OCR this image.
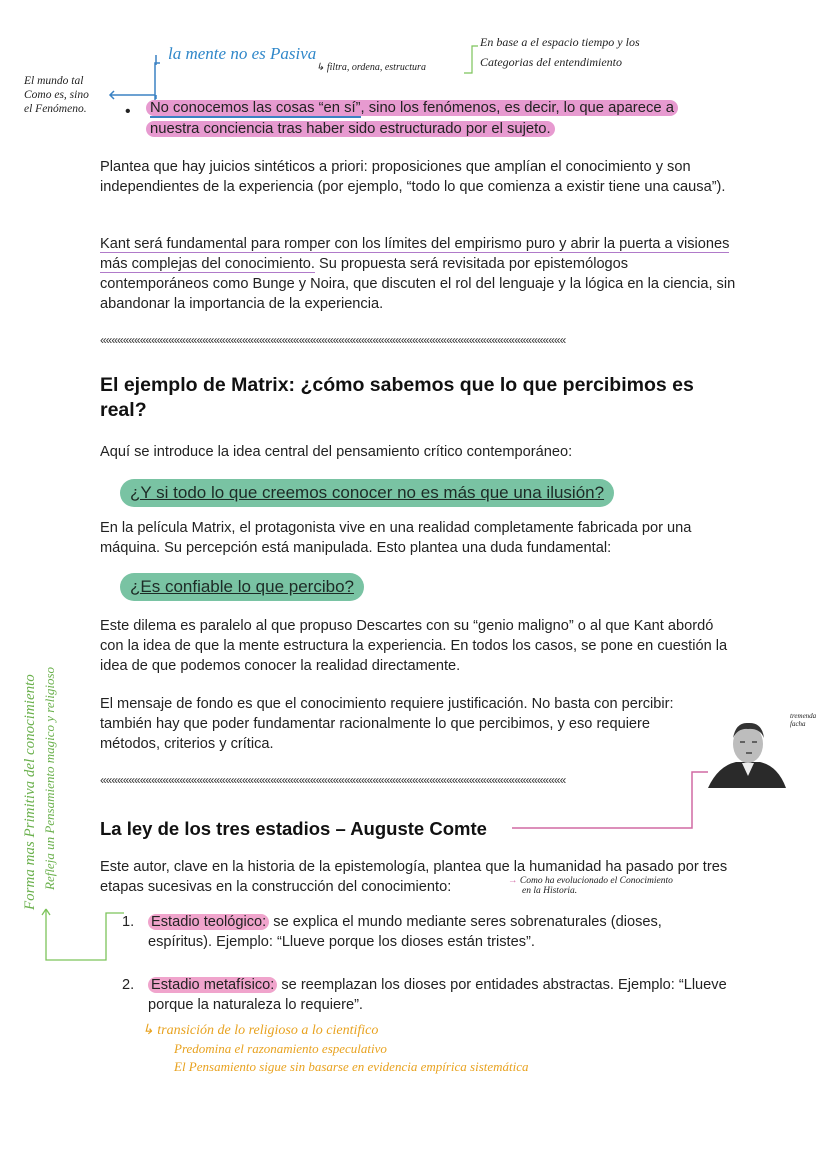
El mundo tal
Como es, sino
el Fenómeno.
la mente no es Pasiva
↳ filtra, ordena, estructura
En base a el espacio tiempo y los
Categorias del entendimiento
• No conocemos las cosas “en sí”, sino los fenómenos, es decir, lo que aparece a nuestra conciencia tras haber sido estructurado por el sujeto.

Plantea que hay juicios sintéticos a priori: proposiciones que amplían el conocimiento y son independientes de la experiencia (por ejemplo, “todo lo que comienza a existir tiene una causa”).

Kant será fundamental para romper con los límites del empirismo puro y abrir la puerta a visiones más complejas del conocimiento. Su propuesta será revisitada por epistemólogos contemporáneos como Bunge y Noira, que discuten el rol del lenguaje y la lógica en la ciencia, sin abandonar la importancia de la experiencia.

««««««««««««««««««««««««««««««««««««««««««««««««««««««««««««««««««««««««««««««««««
El ejemplo de Matrix: ¿cómo sabemos que lo que percibimos es real?

Aquí se introduce la idea central del pensamiento crítico contemporáneo:

¿Y si todo lo que creemos conocer no es más que una ilusión?

En la película Matrix, el protagonista vive en una realidad completamente fabricada por una máquina. Su percepción está manipulada. Esto plantea una duda fundamental:

¿Es confiable lo que percibo?

Este dilema es paralelo al que propuso Descartes con su “genio maligno” o al que Kant abordó con la idea de que la mente estructura la experiencia. En todos los casos, se pone en cuestión la idea de que podemos conocer la realidad directamente.

El mensaje de fondo es que el conocimiento requiere justificación. No basta con percibir: también hay que poder fundamentar racionalmente lo que percibimos, y eso requiere métodos, criterios y crítica.

tremenda
facha
««««««««««««««««««««««««««««««««««««««««««««««««««««««««««««««««««««««««««««««««««
La ley de los tres estadios – Auguste Comte

Este autor, clave en la historia de la epistemología, plantea que la humanidad ha pasado por tres etapas sucesivas en la construcción del conocimiento:	→ Como ha evolucionado el Conocimiento
en la Historia.
1. Estadio teológico: se explica el mundo mediante seres sobrenaturales (dioses, espíritus). Ejemplo: “Llueve porque los dioses están tristes”.
2. Estadio metafísico: se reemplazan los dioses por entidades abstractas. Ejemplo: “Llueve porque la naturaleza lo requiere”.
Forma mas Primitiva del conocimiento Refleja un Pensamiento magico y religioso
↳ transición de lo religioso a lo cientifico
Predomina el razonamiento especulativo
El Pensamiento sigue sin basarse en evidencia empírica sistemática
